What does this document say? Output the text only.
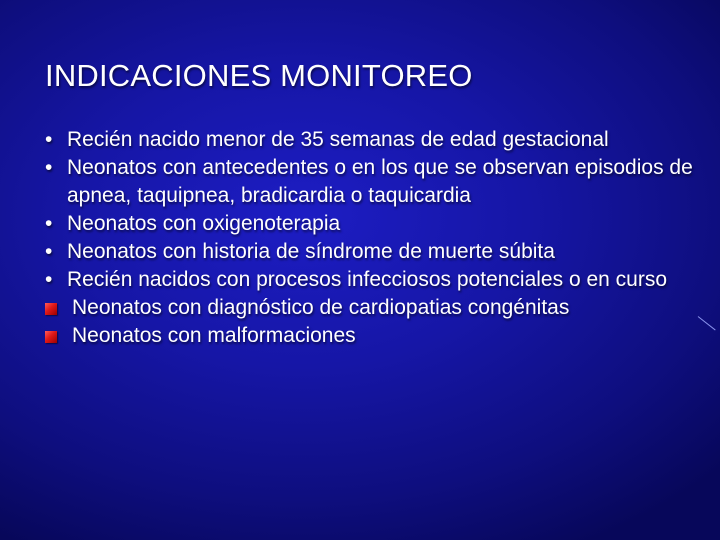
INDICACIONES MONITOREO
• Recién nacido menor de 35 semanas de edad gestacional
• Neonatos con antecedentes o en los que se observan episodios de apnea, taquipnea, bradicardia o taquicardia
• Neonatos con oxigenoterapia
• Neonatos con historia de síndrome de muerte súbita
• Recién nacidos con procesos infecciosos potenciales o en curso
Neonatos con diagnóstico de cardiopatias congénitas
Neonatos con malformaciones
